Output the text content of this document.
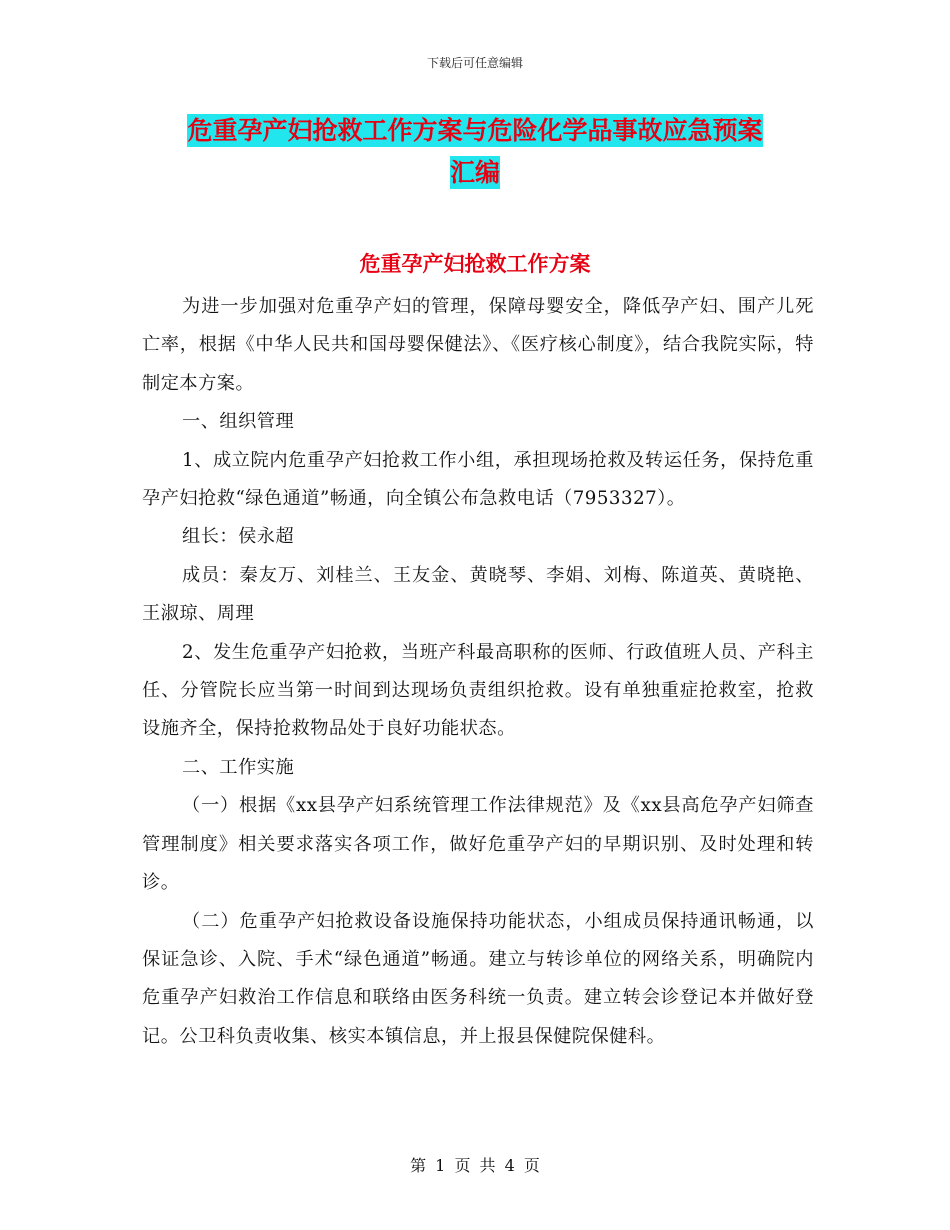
下载后可任意编辑
危重孕产妇抢救工作方案与危险化学品事故应急预案
汇编
危重孕产妇抢救工作方案

为进一步加强对危重孕产妇的管理，保障母婴安全，降低孕产妇、围产儿死亡率，根据《中华人民共和国母婴保健法》、《医疗核心制度》，结合我院实际，特制定本方案。

一、组织管理

1、成立院内危重孕产妇抢救工作小组，承担现场抢救及转运任务，保持危重孕产妇抢救“绿色通道”畅通，向全镇公布急救电话（7953327）。

组长：侯永超

成员：秦友万、刘桂兰、王友金、黄晓琴、李娟、刘梅、陈道英、黄晓艳、王淑琼、周理

2、发生危重孕产妇抢救，当班产科最高职称的医师、行政值班人员、产科主任、分管院长应当第一时间到达现场负责组织抢救。设有单独重症抢救室，抢救设施齐全，保持抢救物品处于良好功能状态。

二、工作实施

（一）根据《xx县孕产妇系统管理工作法律规范》及《xx县高危孕产妇筛查管理制度》相关要求落实各项工作，做好危重孕产妇的早期识别、及时处理和转诊。

（二）危重孕产妇抢救设备设施保持功能状态，小组成员保持通讯畅通，以保证急诊、入院、手术“绿色通道”畅通。建立与转诊单位的网络关系，明确院内危重孕产妇救治工作信息和联络由医务科统一负责。建立转会诊登记本并做好登记。公卫科负责收集、核实本镇信息，并上报县保健院保健科。

第 1 页 共 4 页
